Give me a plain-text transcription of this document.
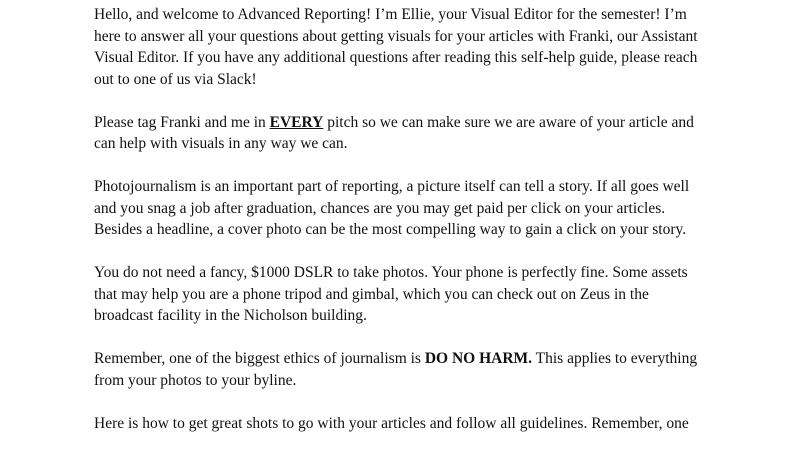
Hello, and welcome to Advanced Reporting! I’m Ellie, your Visual Editor for the semester! I’m
here to answer all your questions about getting visuals for your articles with Franki, our Assistant
Visual Editor. If you have any additional questions after reading this self-help guide, please reach
out to one of us via Slack!
Please tag Franki and me in EVERY pitch so we can make sure we are aware of your article and
can help with visuals in any way we can.
Photojournalism is an important part of reporting, a picture itself can tell a story. If all goes well
and you snag a job after graduation, chances are you may get paid per click on your articles.
Besides a headline, a cover photo can be the most compelling way to gain a click on your story.
You do not need a fancy, $1000 DSLR to take photos. Your phone is perfectly fine. Some assets
that may help you are a phone tripod and gimbal, which you can check out on Zeus in the
broadcast facility in the Nicholson building.
Remember, one of the biggest ethics of journalism is DO NO HARM. This applies to everything
from your photos to your byline.
Here is how to get great shots to go with your articles and follow all guidelines. Remember, one
